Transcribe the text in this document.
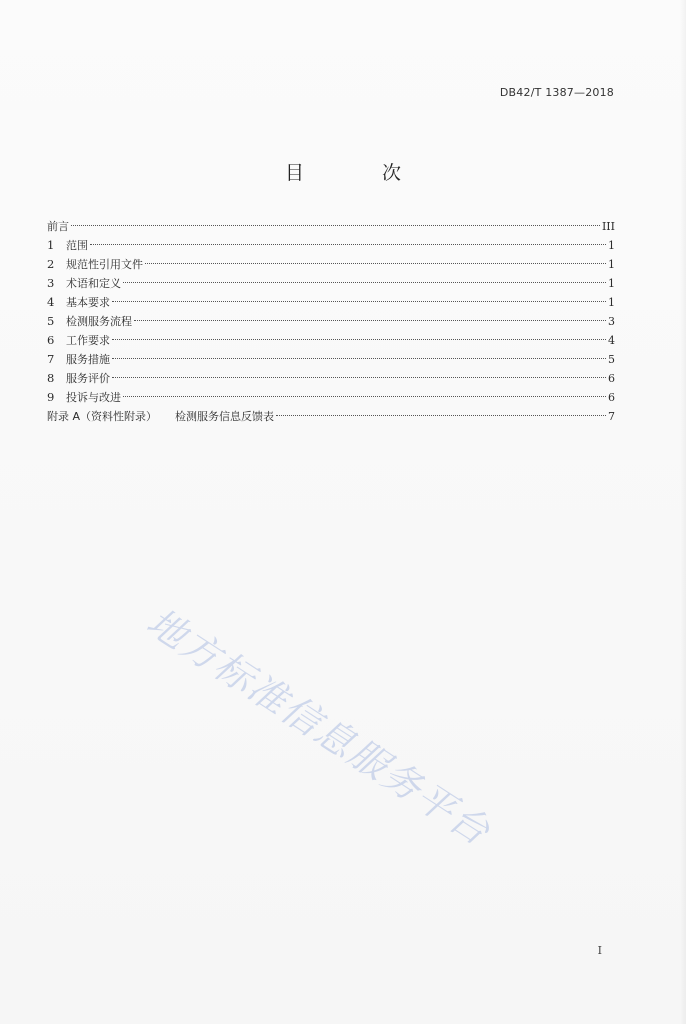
DB42/T 1387—2018
目 次
前言	III
1	范围	1
2	规范性引用文件	1
3	术语和定义	1
4	基本要求	1
5	检测服务流程	3
6	工作要求	4
7	服务措施	5
8	服务评价	6
9	投诉与改进	6
附录 A（资料性附录） 检测服务信息反馈表	7
地方标准信息服务平台
I
